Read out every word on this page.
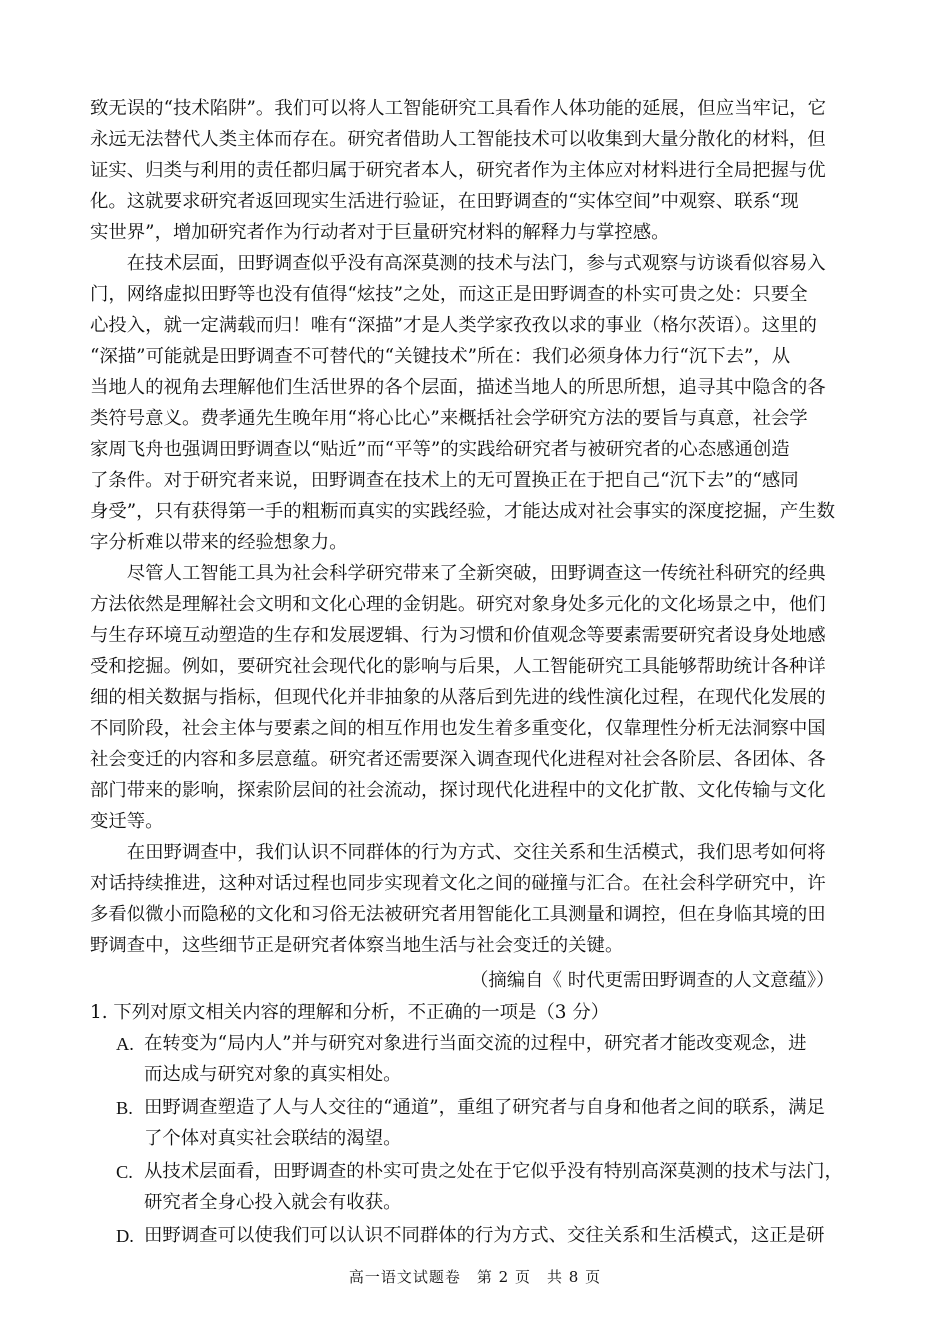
致无误的“技术陷阱”。我们可以将人工智能研究工具看作人体功能的延展，但应当牢记，它
永远无法替代人类主体而存在。研究者借助人工智能技术可以收集到大量分散化的材料，但
证实、归类与利用的责任都归属于研究者本人，研究者作为主体应对材料进行全局把握与优
化。这就要求研究者返回现实生活进行验证，在田野调查的“实体空间”中观察、联系“现
实世界”，增加研究者作为行动者对于巨量研究材料的解释力与掌控感。
　　在技术层面，田野调查似乎没有高深莫测的技术与法门，参与式观察与访谈看似容易入
门，网络虚拟田野等也没有值得“炫技”之处，而这正是田野调查的朴实可贵之处：只要全
心投入，就一定满载而归！唯有“深描”才是人类学家孜孜以求的事业（格尔茨语）。这里的
“深描”可能就是田野调查不可替代的“关键技术”所在：我们必须身体力行“沉下去”，从
当地人的视角去理解他们生活世界的各个层面，描述当地人的所思所想，追寻其中隐含的各
类符号意义。费孝通先生晚年用“将心比心”来概括社会学研究方法的要旨与真意，社会学
家周飞舟也强调田野调查以“贴近”而“平等”的实践给研究者与被研究者的心态感通创造
了条件。对于研究者来说，田野调查在技术上的无可置换正在于把自己“沉下去”的“感同
身受”，只有获得第一手的粗粝而真实的实践经验，才能达成对社会事实的深度挖掘，产生数
字分析难以带来的经验想象力。
　　尽管人工智能工具为社会科学研究带来了全新突破，田野调查这一传统社科研究的经典
方法依然是理解社会文明和文化心理的金钥匙。研究对象身处多元化的文化场景之中，他们
与生存环境互动塑造的生存和发展逻辑、行为习惯和价值观念等要素需要研究者设身处地感
受和挖掘。例如，要研究社会现代化的影响与后果，人工智能研究工具能够帮助统计各种详
细的相关数据与指标，但现代化并非抽象的从落后到先进的线性演化过程，在现代化发展的
不同阶段，社会主体与要素之间的相互作用也发生着多重变化，仅靠理性分析无法洞察中国
社会变迁的内容和多层意蕴。研究者还需要深入调查现代化进程对社会各阶层、各团体、各
部门带来的影响，探索阶层间的社会流动，探讨现代化进程中的文化扩散、文化传输与文化
变迁等。
　　在田野调查中，我们认识不同群体的行为方式、交往关系和生活模式，我们思考如何将
对话持续推进，这种对话过程也同步实现着文化之间的碰撞与汇合。在社会科学研究中，许
多看似微小而隐秘的文化和习俗无法被研究者用智能化工具测量和调控，但在身临其境的田
野调查中，这些细节正是研究者体察当地生活与社会变迁的关键。
（摘编自《 时代更需田野调查的人文意蕴》）
1. 下列对原文相关内容的理解和分析，不正确的一项是（3 分）
A. 在转变为“局内人”并与研究对象进行当面交流的过程中，研究者才能改变观念，进
而达成与研究对象的真实相处。
B. 田野调查塑造了人与人交往的“通道”，重组了研究者与自身和他者之间的联系，满足
了个体对真实社会联结的渴望。
C. 从技术层面看，田野调查的朴实可贵之处在于它似乎没有特别高深莫测的技术与法门，
研究者全身心投入就会有收获。
D. 田野调查可以使我们可以认识不同群体的行为方式、交往关系和生活模式，这正是研
高一语文试题卷　第 2 页　共 8 页
